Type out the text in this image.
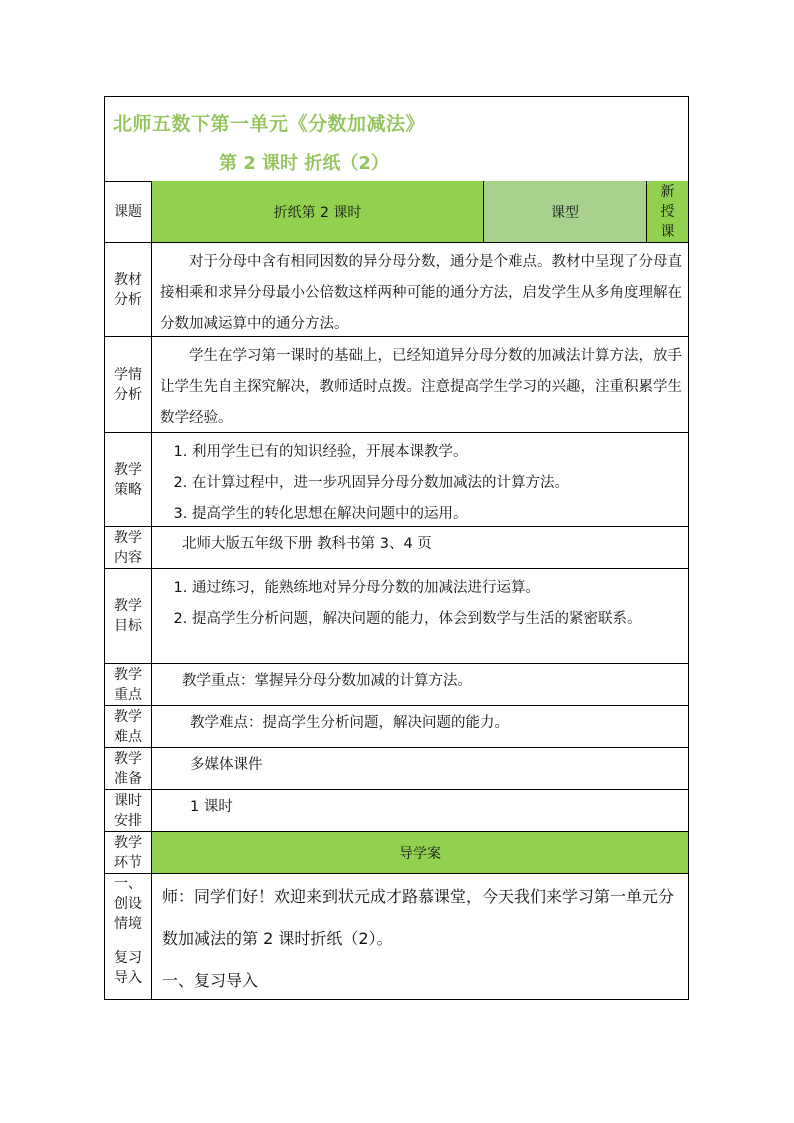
北师五数下第一单元《分数加减法》
第 2 课时 折纸（2）
课题	折纸第 2 课时	课型
新授课
教材
分析

对于分母中含有相同因数的异分母分数，通分是个难点。教材中呈现了分母直接相乘和求异分母最小公倍数这样两种可能的通分方法，启发学生从多角度理解在分数加减运算中的通分方法。

学情
分析

学生在学习第一课时的基础上，已经知道异分母分数的加减法计算方法，放手让学生先自主探究解决，教师适时点拨。注意提高学生学习的兴趣，注重积累学生数学经验。

教学
策略
1. 利用学生已有的知识经验，开展本课教学。
2. 在计算过程中，进一步巩固异分母分数加减法的计算方法。
3. 提高学生的转化思想在解决问题中的运用。
教学
内容
北师大版五年级下册 教科书第 3、4 页
教学
目标
1. 通过练习，能熟练地对异分母分数的加减法进行运算。
2. 提高学生分析问题，解决问题的能力，体会到数学与生活的紧密联系。
教学
重点
教学重点：掌握异分母分数加减的计算方法。
教学
难点
教学难点：提高学生分析问题，解决问题的能力。
教学
准备
多媒体课件
课时
安排
1 课时
教学
环节
导学案
一、
创设
情境
复习
导入
师：同学们好！欢迎来到状元成才路慕课堂，今天我们来学习第一单元分数加减法的第 2 课时折纸（2）。
一、复习导入
